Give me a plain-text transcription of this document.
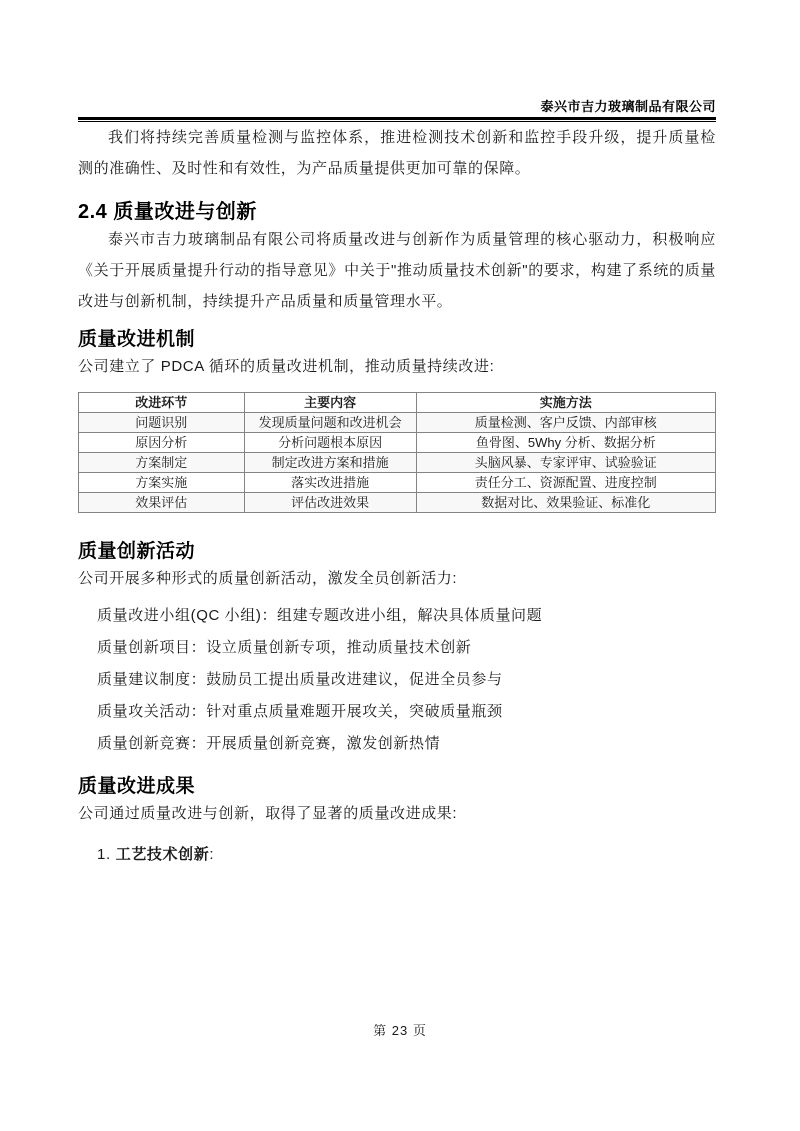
泰兴市吉力玻璃制品有限公司

我们将持续完善质量检测与监控体系，推进检测技术创新和监控手段升级，提升质量检测的准确性、及时性和有效性，为产品质量提供更加可靠的保障。

2.4 质量改进与创新

泰兴市吉力玻璃制品有限公司将质量改进与创新作为质量管理的核心驱动力，积极响应《关于开展质量提升行动的指导意见》中关于"推动质量技术创新"的要求，构建了系统的质量改进与创新机制，持续提升产品质量和质量管理水平。

质量改进机制

公司建立了 PDCA 循环的质量改进机制，推动质量持续改进:

改进环节	主要内容	实施方法
问题识别	发现质量问题和改进机会	质量检测、客户反馈、内部审核
原因分析	分析问题根本原因	鱼骨图、5Why 分析、数据分析
方案制定	制定改进方案和措施	头脑风暴、专家评审、试验验证
方案实施	落实改进措施	责任分工、资源配置、进度控制
效果评估	评估改进效果	数据对比、效果验证、标准化
质量创新活动

公司开展多种形式的质量创新活动，激发全员创新活力:

质量改进小组(QC 小组)：组建专题改进小组，解决具体质量问题
质量创新项目：设立质量创新专项，推动质量技术创新
质量建议制度：鼓励员工提出质量改进建议，促进全员参与
质量攻关活动：针对重点质量难题开展攻关，突破质量瓶颈
质量创新竞赛：开展质量创新竞赛，激发创新热情
质量改进成果

公司通过质量改进与创新，取得了显著的质量改进成果:

1. 工艺技术创新:

第 23 页
